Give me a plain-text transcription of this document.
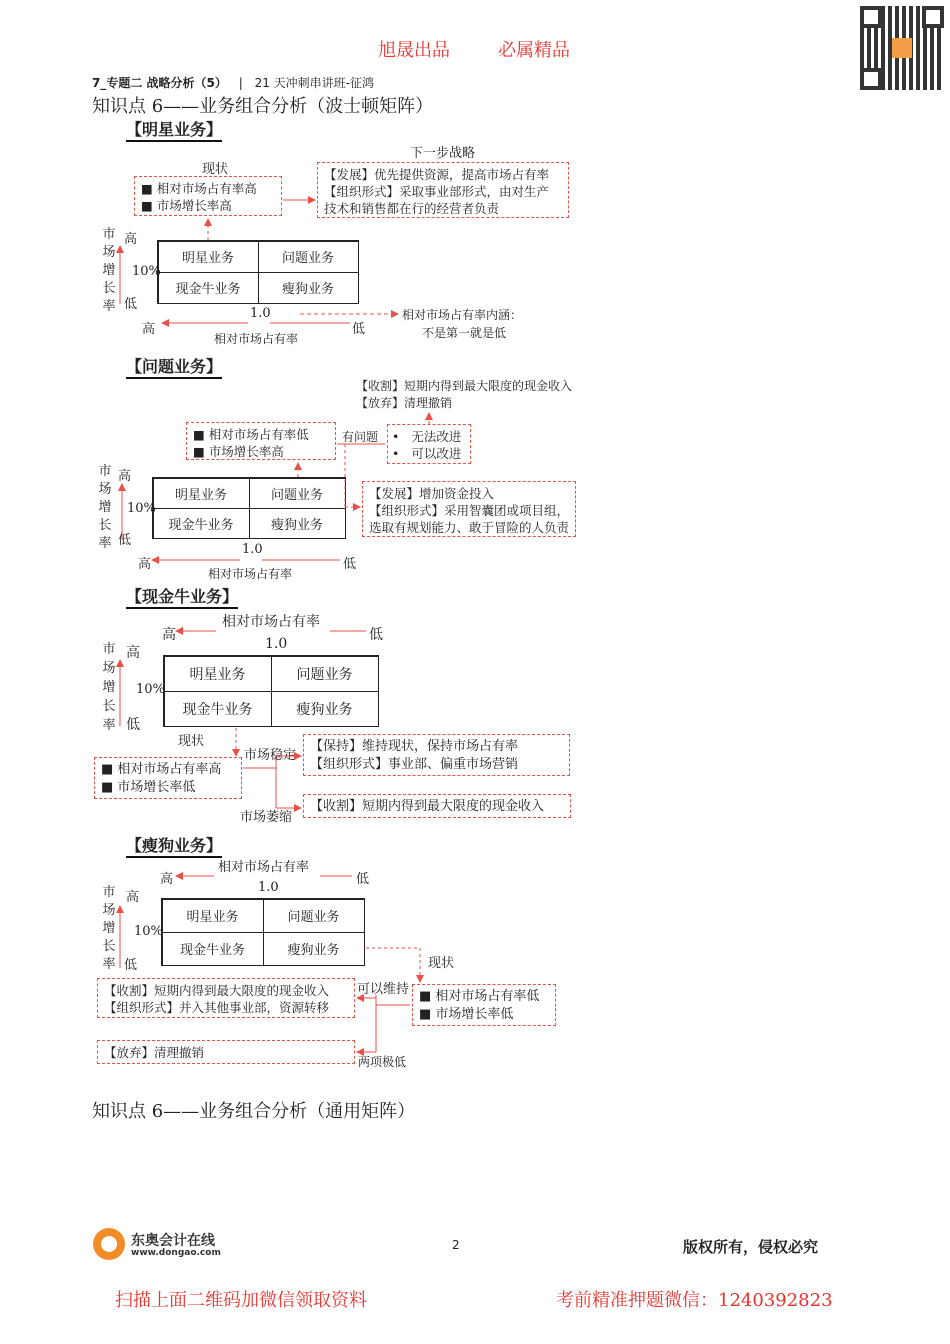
旭晟出品	必属精品
7_专题二 战略分析（5） | 21 天冲刺串讲班-征鸿
知识点 6——业务组合分析（波士顿矩阵）
【明星业务】
下一步战略
现状
■ 相对市场占有率高
■ 市场增长率高
【发展】优先提供资源，提高市场占有率
【组织形式】采取事业部形式，由对生产
技术和销售都在行的经营者负责
市
场
增
长
率
高
10%
低
明星业务	问题业务
现金牛业务	瘦狗业务
1.0
高	低
相对市场占有率
相对市场占有率内涵：
不是第一就是低
【问题业务】
【收割】短期内得到最大限度的现金收入
【放弃】清理撤销
■ 相对市场占有率低
■ 市场增长率高
有问题 • 无法改进
• 可以改进
市
场
增
长
率
高
10%
低
明星业务	问题业务
现金牛业务	瘦狗业务
【发展】增加资金投入
【组织形式】采用智囊团或项目组，
选取有规划能力、敢于冒险的人负责
1.0
高	低
相对市场占有率
【现金牛业务】
相对市场占有率
高	低
1.0
市
场
增
长
率
高
10%
低
明星业务	问题业务
现金牛业务	瘦狗业务
现状
市场稳定
【保持】维持现状，保持市场占有率
【组织形式】事业部、偏重市场营销
■ 相对市场占有率高
■ 市场增长率低
【收割】短期内得到最大限度的现金收入
市场萎缩
【瘦狗业务】
相对市场占有率
高	低
1.0
市
场
增
长
率
高
10%
低
明星业务	问题业务
现金牛业务	瘦狗业务
现状
【收割】短期内得到最大限度的现金收入
【组织形式】并入其他事业部，资源转移
可以维持 ■ 相对市场占有率低
■ 市场增长率低
【放弃】清理撤销
两项极低
知识点 6——业务组合分析（通用矩阵）
东奥会计在线
www.dongao.com
2	版权所有，侵权必究
扫描上面二维码加微信领取资料	考前精准押题微信：1240392823
